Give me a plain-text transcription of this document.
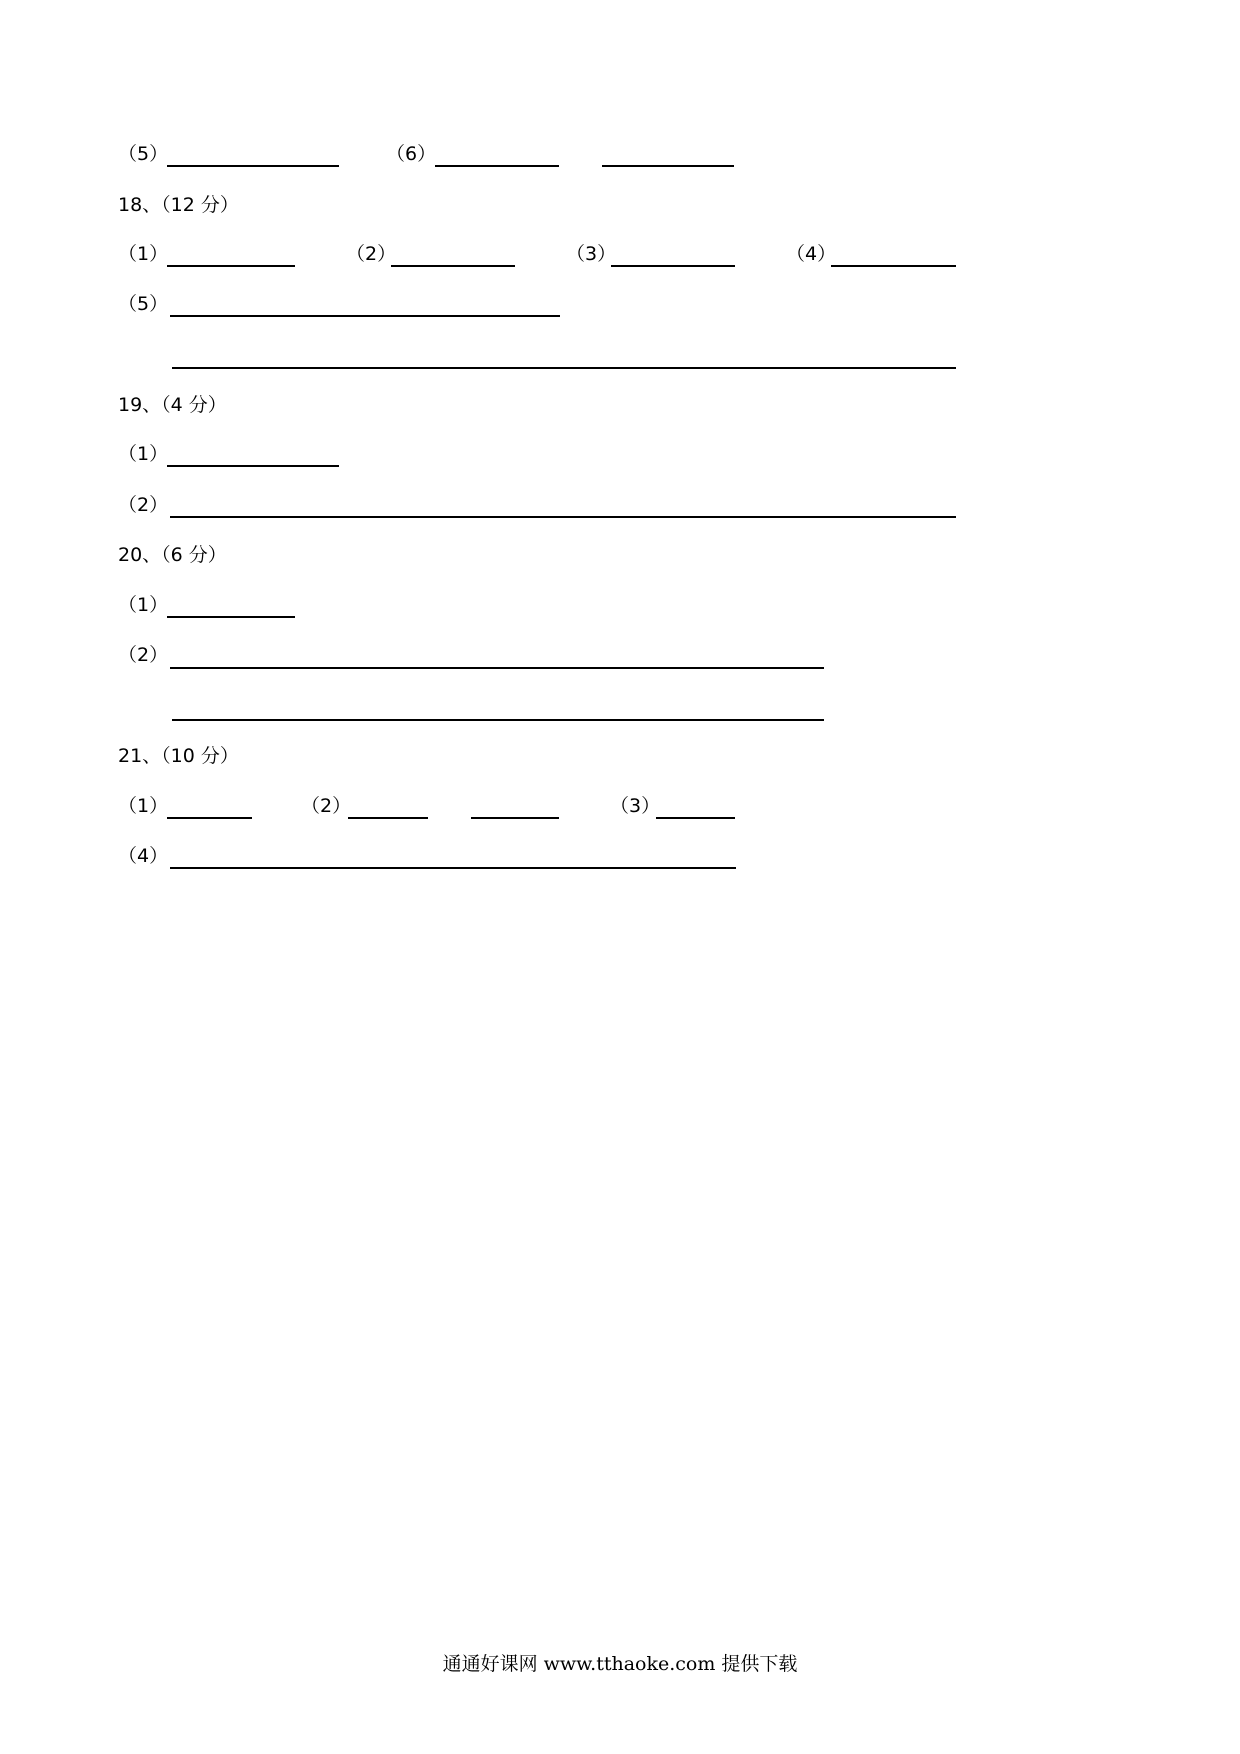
（5）	（6）
18、（12 分）
（1）	（2）	（3）	（4）
（5）
19、（4 分）
（1）
（2）
20、（6 分）
（1）
（2）
21、（10 分）
（1）	（2）	（3）
（4）
通通好课网 www.tthaoke.com 提供下载
